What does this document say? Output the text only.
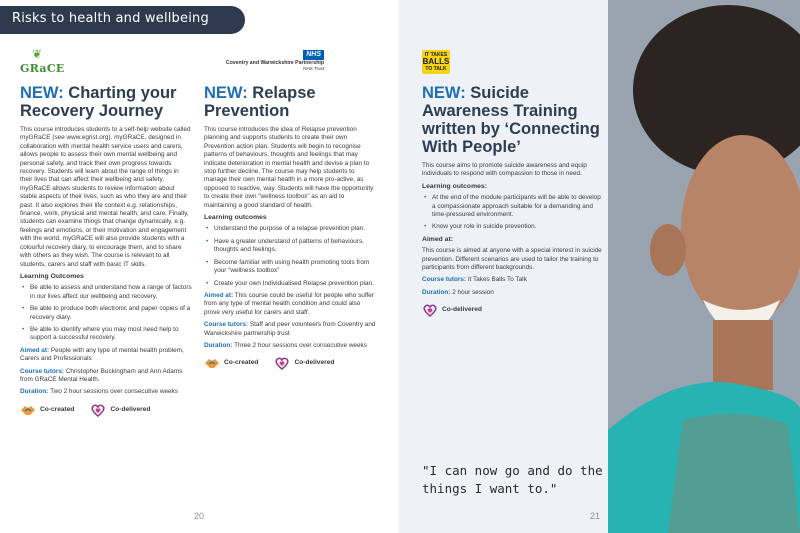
Risks to health and wellbeing
❦
GRaCE
NEW: Charting your Recovery Journey

This course introduces students to a self-help website called myGRaCE (see www.egrist.org). myGRaCE, designed in collaboration with mental health service users and carers, allows people to assess their own mental wellbeing and personal safety, and track their own progress towards recovery. Students will learn about the range of things in their lives that can affect their wellbeing and safety. myGRaCE allows students to review information about stable aspects of their lives, such as who they are and their past. It also explores their life context e.g. relationships, finance, work, physical and mental health, and care. Finally, students can examine things that change dynamically, e.g. feelings and emotions, or their motivation and engagement with the world. myGRaCE will also provide students with a colourful recovery diary, to encourage them, and to share with others as they wish. The course is relevant to all students, carers and staff with basic IT skills.

Learning Outcomes
• Be able to assess and understand how a range of factors in our lives affect our wellbeing and recovery.
• Be able to produce both electronic and paper copies of a recovery diary.
• Be able to identify where you may most need help to support a successful recovery.
Aimed at: People with any type of mental health problem, Carers and Professionals
Course tutors: Christopher Buckingham and Ann Adams from GRaCE Mental Health.
Duration: Two 2 hour sessions over consecutive weeks
Co-created	Co-delivered
NHS
Coventry and Warwickshire Partnership
NHS Trust
NEW: Relapse Prevention

This course introduces the idea of Relapse prevention planning and supports students to create their own Prevention action plan. Students will begin to recognise patterns of behaviours, thoughts and feelings that may indicate deterioration in mental health and devise a plan to stop further decline. The course may help students to manage their own mental health in a more pro-active, as opposed to reactive, way. Students will have the opportunity to create their own “wellness toolbox” as an aid to maintaining a good standard of health.

Learning outcomes
• Understand the purpose of a relapse prevention plan.
• Have a greater understand of patterns of behaviours, thoughts and feelings.
• Become familiar with using health promoting tools from your “wellness toolbox”
• Create your own Individualised Relapse prevention plan.
Aimed at: This course could be useful for people who suffer from any type of mental health condition and could also prove very useful for carers and staff.
Course tutors: Staff and peer volunteers from Coventry and Warwickshire partnership trust
Duration: Three 2 hour sessions over consecutive weeks
Co-created	Co-delivered
20
IT TAKES
BALLS
TO TALK
NEW: Suicide Awareness Training written by ‘Connecting With People’

This course aims to promote suicide awareness and equip individuals to respond with compassion to those in need.

Learning outcomes:
• At the end of the module participants will be able to develop a compassionate approach suitable for a demanding and time-pressured environment.
• Know your role in suicide prevention.
Aimed at:

This course is aimed at anyone with a special interest in suicide prevention. Different scenarios are used to tailor the training to participants from different backgrounds.

Course tutors: It Takes Balls To Talk
Duration: 2 hour session
Co-delivered
"I can now go and do the things I want to."
21
